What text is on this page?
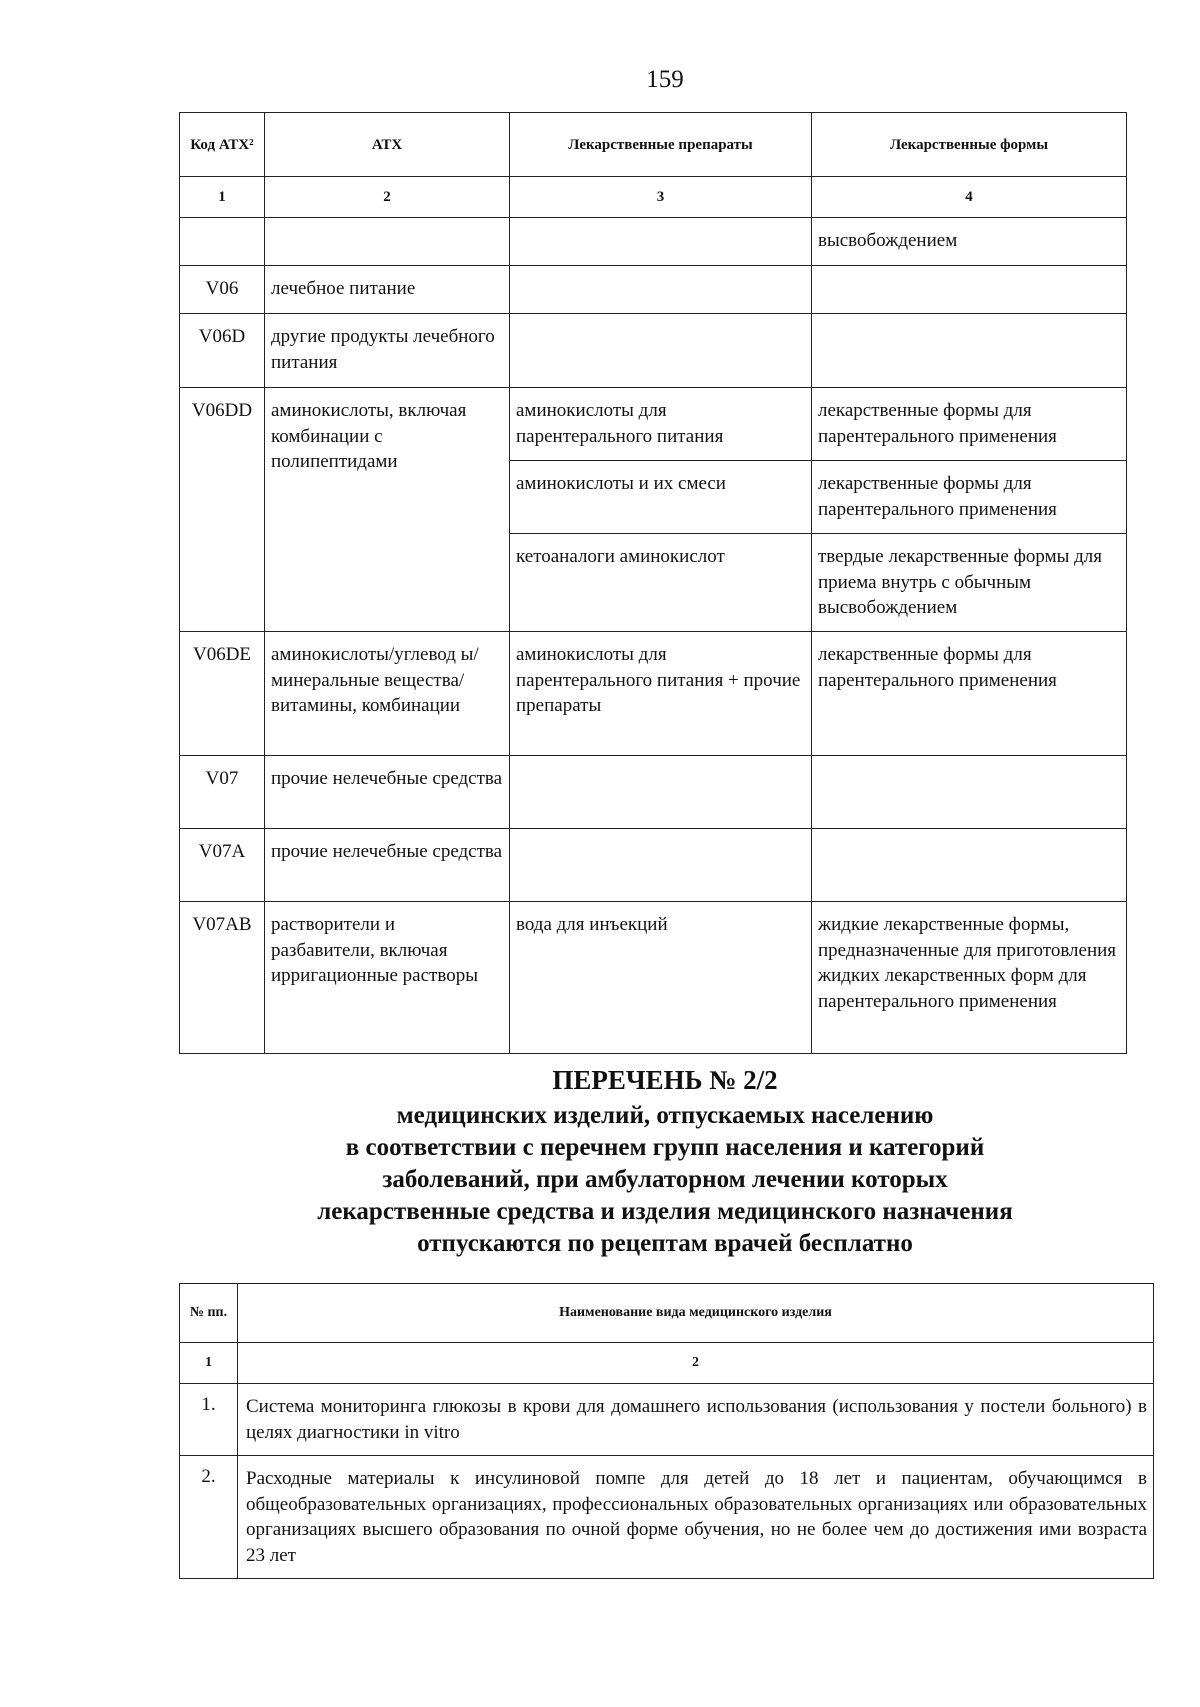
159
Код АТХ²	АТХ	Лекарственные препараты	Лекарственные формы
1	2	3	4
			высвобождением
V06	лечебное питание		
V06D	другие продукты лечебного питания		
V06DD	аминокислоты, включая комбинации с полипептидами	аминокислоты для парентерального питания	лекарственные формы для парентерального применения
		аминокислоты и их смеси	лекарственные формы для парентерального применения
		кетоаналоги аминокислот	твердые лекарственные формы для приема внутрь с обычным высвобождением
V06DE	аминокислоты/углевод ы/минеральные вещества/витамины, комбинации	аминокислоты для парентерального питания + прочие препараты	лекарственные формы для парентерального применения
V07	прочие нелечебные средства		
V07A	прочие нелечебные средства		
V07AB	растворители и разбавители, включая ирригационные растворы	вода для инъекций	жидкие лекарственные формы, предназначенные для приготовления жидких лекарственных форм для парентерального применения
ПЕРЕЧЕНЬ № 2/2
медицинских изделий, отпускаемых населению
в соответствии с перечнем групп населения и категорий
заболеваний, при амбулаторном лечении которых
лекарственные средства и изделия медицинского назначения
отпускаются по рецептам врачей бесплатно
№ пп.	Наименование вида медицинского изделия
1	2
1.	Система мониторинга глюкозы в крови для домашнего использования (использования у постели больного) в целях диагностики in vitro
2.	Расходные материалы к инсулиновой помпе для детей до 18 лет и пациентам, обучающимся в общеобразовательных организациях, профессиональных образовательных организациях или образовательных организациях высшего образования по очной форме обучения, но не более чем до достижения ими возраста 23 лет
